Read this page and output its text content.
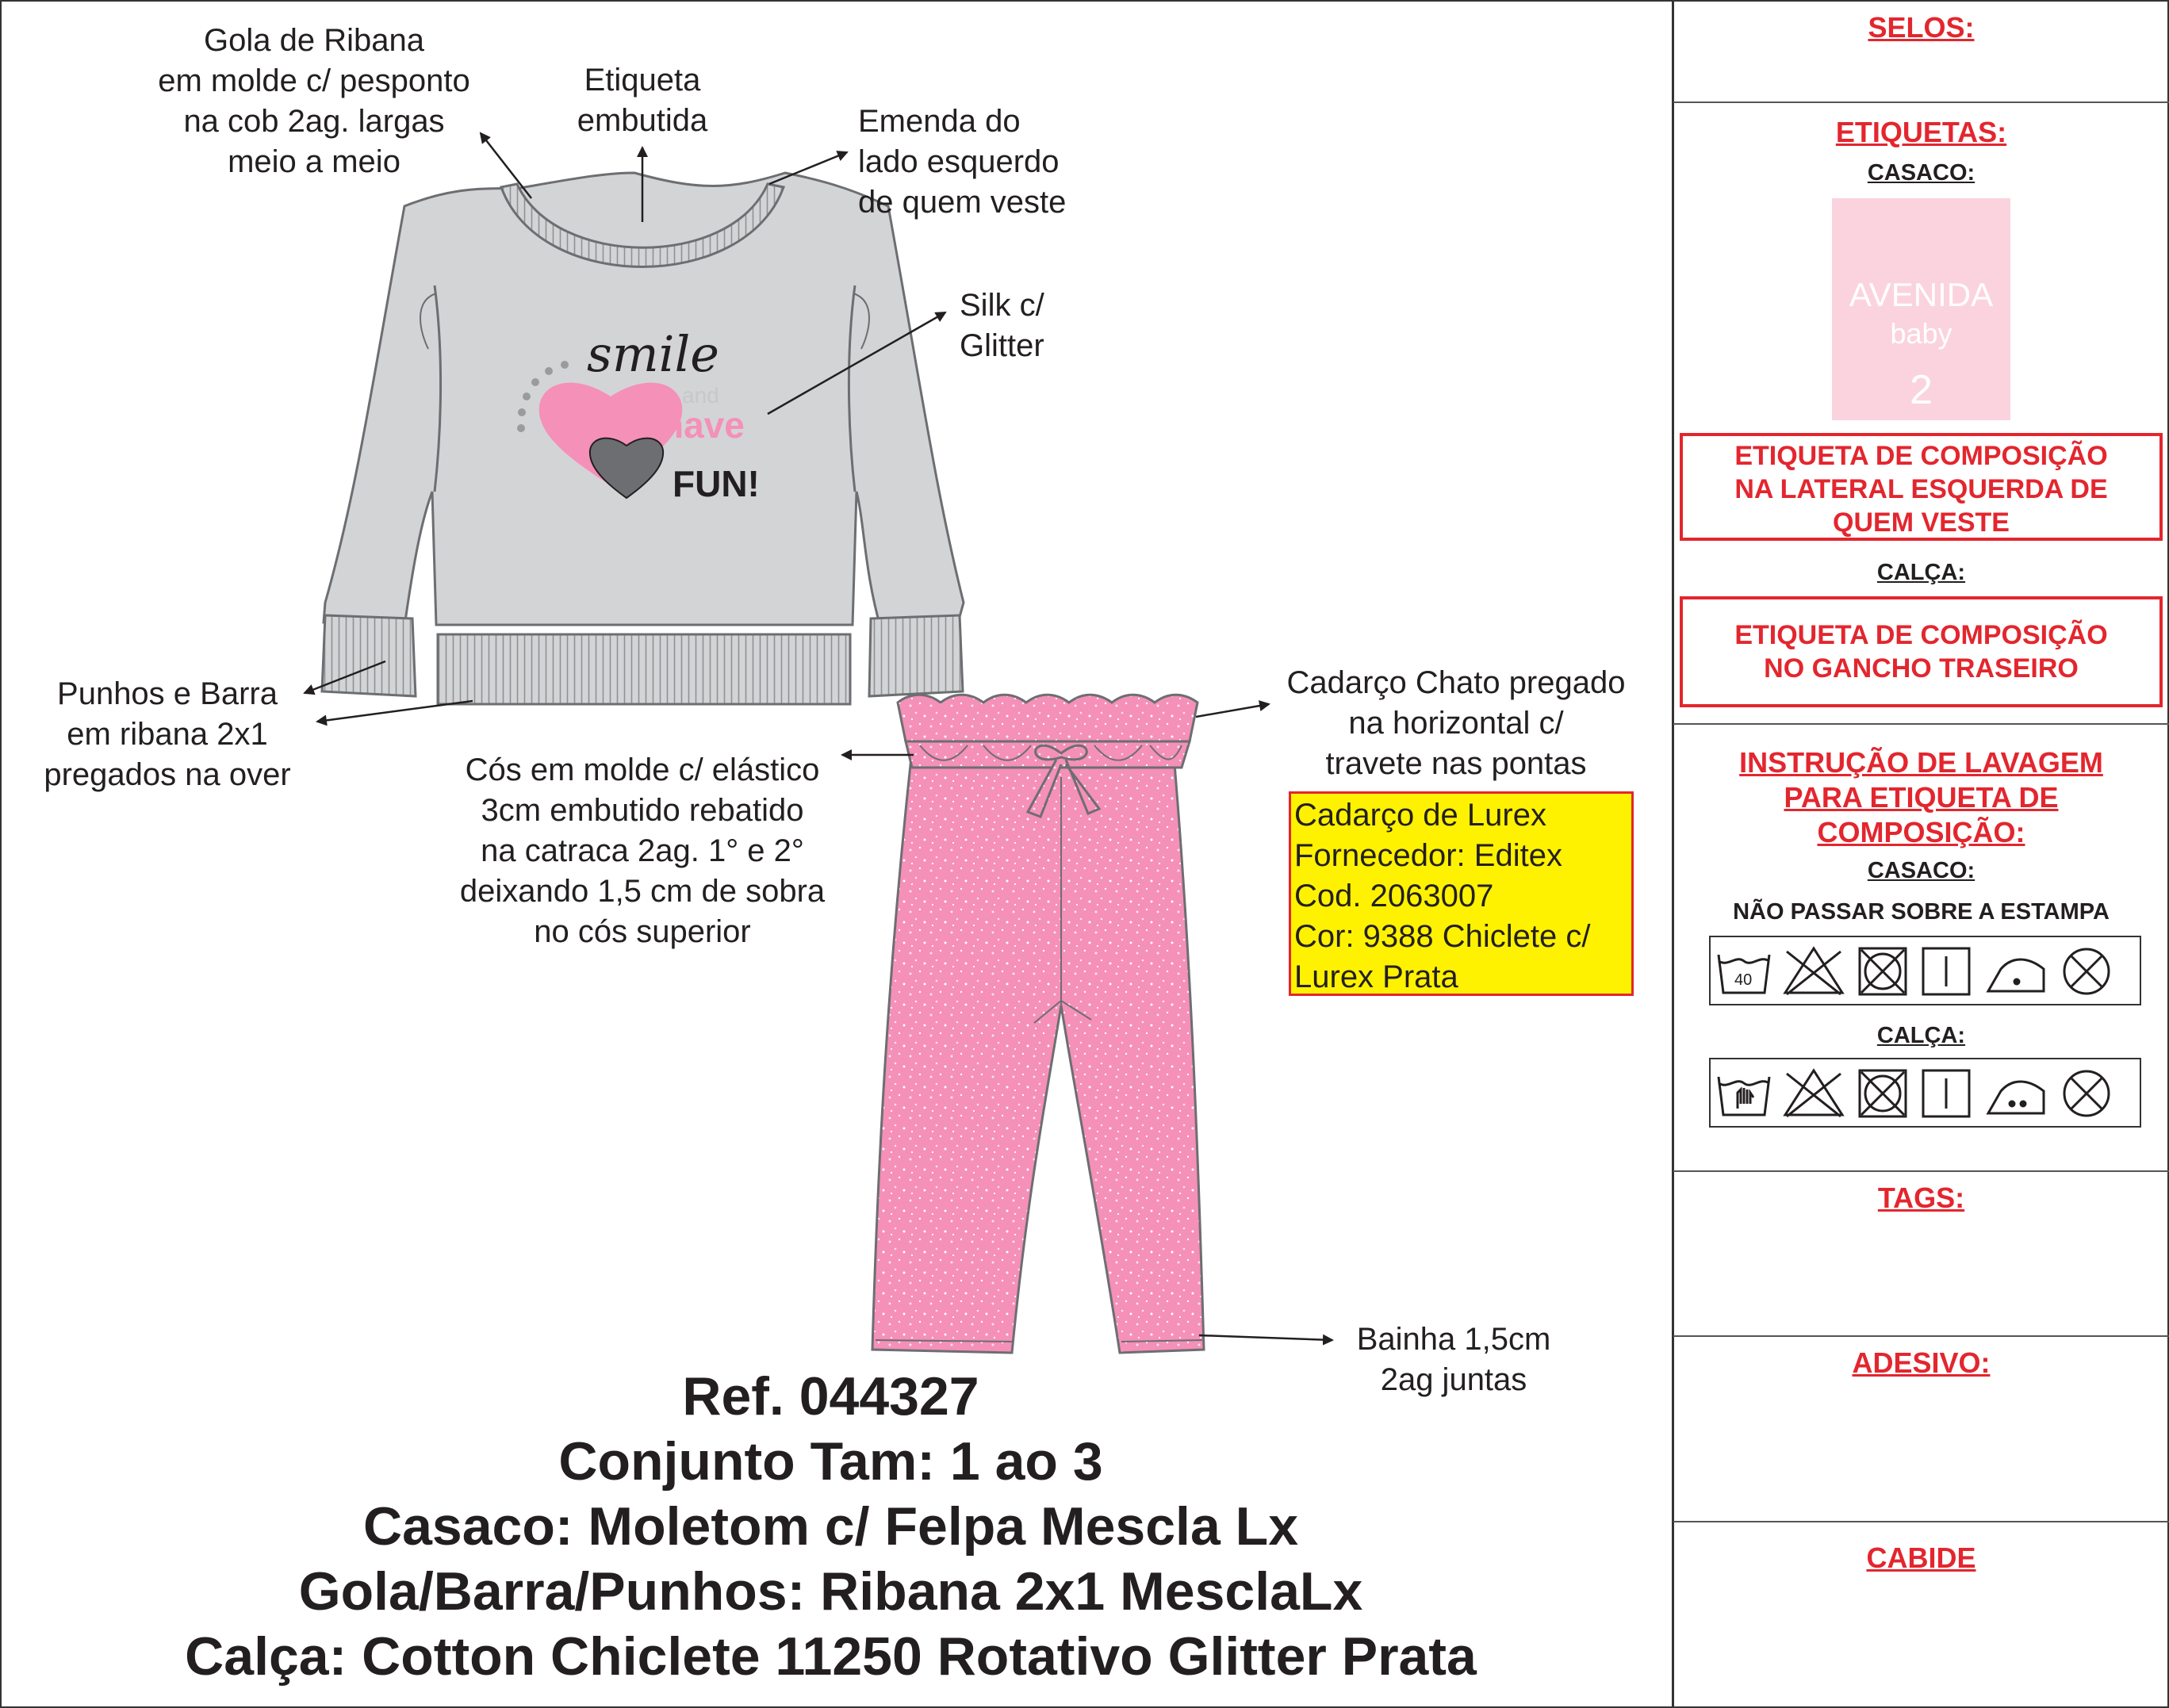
smile
and
have
FUN!
Gola de Ribana
em molde c/ pesponto
na cob 2ag. largas
meio a meio
Etiqueta
embutida	Emenda do
lado esquerdo
de quem veste
Silk c/
Glitter
Punhos e Barra
em ribana 2x1
pregados na over	Cós em molde c/ elástico
3cm embutido rebatido
na catraca 2ag. 1° e 2°
deixando 1,5 cm de sobra
no cós superior
Cadarço Chato pregado
na horizontal c/
travete nas pontas
Bainha 1,5cm
2ag juntas
Cadarço de Lurex
Fornecedor: Editex
Cod. 2063007
Cor: 9388 Chiclete c/
Lurex Prata
Ref. 044327
Conjunto Tam: 1 ao 3
Casaco: Moletom c/ Felpa Mescla Lx
Gola/Barra/Punhos: Ribana 2x1 MesclaLx
Calça: Cotton Chiclete 11250 Rotativo Glitter Prata
SELOS:
ETIQUETAS:
CASACO:
AVENIDA
baby
2
ETIQUETA DE COMPOSIÇÃO
NA LATERAL ESQUERDA DE
QUEM VESTE
CALÇA:
ETIQUETA DE COMPOSIÇÃO
NO GANCHO TRASEIRO
INSTRUÇÃO DE LAVAGEM
PARA ETIQUETA DE
COMPOSIÇÃO:
CASACO:
NÃO PASSAR SOBRE A ESTAMPA
40
CALÇA:
TAGS:
ADESIVO:
CABIDE
